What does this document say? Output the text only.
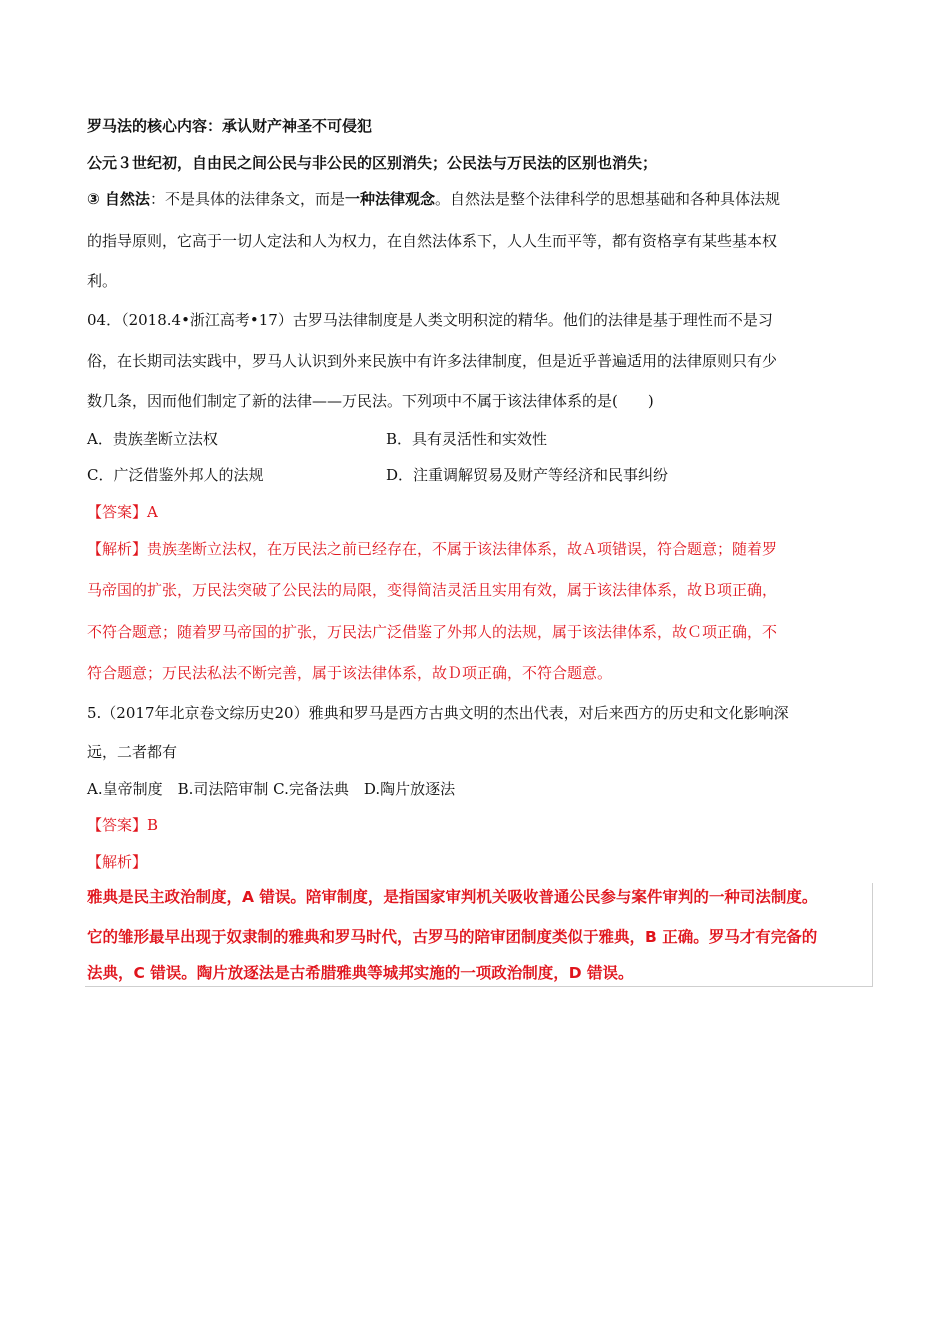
罗马法的核心内容：承认财产神圣不可侵犯
公元３世纪初，自由民之间公民与非公民的区别消失；公民法与万民法的区别也消失；
③ 自然法：不是具体的法律条文，而是一种法律观念。自然法是整个法律科学的思想基础和各种具体法规
的指导原则，它高于一切人定法和人为权力，在自然法体系下，人人生而平等，都有资格享有某些基本权
利。
04．（2018.4•浙江高考•17）古罗马法律制度是人类文明积淀的精华。他们的法律是基于理性而不是习
俗，在长期司法实践中，罗马人认识到外来民族中有许多法律制度，但是近乎普遍适用的法律原则只有少
数几条，因而他们制定了新的法律——万民法。下列项中不属于该法律体系的是(　　)
A．贵族垄断立法权	B．具有灵活性和实效性
C．广泛借鉴外邦人的法规	D．注重调解贸易及财产等经济和民事纠纷
【答案】A
【解析】贵族垄断立法权，在万民法之前已经存在，不属于该法律体系，故Ａ项错误，符合题意；随着罗
马帝国的扩张，万民法突破了公民法的局限，变得简洁灵活且实用有效，属于该法律体系，故Ｂ项正确，
不符合题意；随着罗马帝国的扩张，万民法广泛借鉴了外邦人的法规，属于该法律体系，故Ｃ项正确，不
符合题意；万民法私法不断完善，属于该法律体系，故Ｄ项正确，不符合题意。
5.（2017年北京卷文综历史20）雅典和罗马是西方古典文明的杰出代表，对后来西方的历史和文化影响深
远，二者都有
A.皇帝制度　B.司法陪审制 C.完备法典　D.陶片放逐法
【答案】B
【解析】
雅典是民主政治制度，A 错误。陪审制度，是指国家审判机关吸收普通公民参与案件审判的一种司法制度。
它的雏形最早出现于奴隶制的雅典和罗马时代，古罗马的陪审团制度类似于雅典，B 正确。罗马才有完备的
法典，C 错误。陶片放逐法是古希腊雅典等城邦实施的一项政治制度，D 错误。
